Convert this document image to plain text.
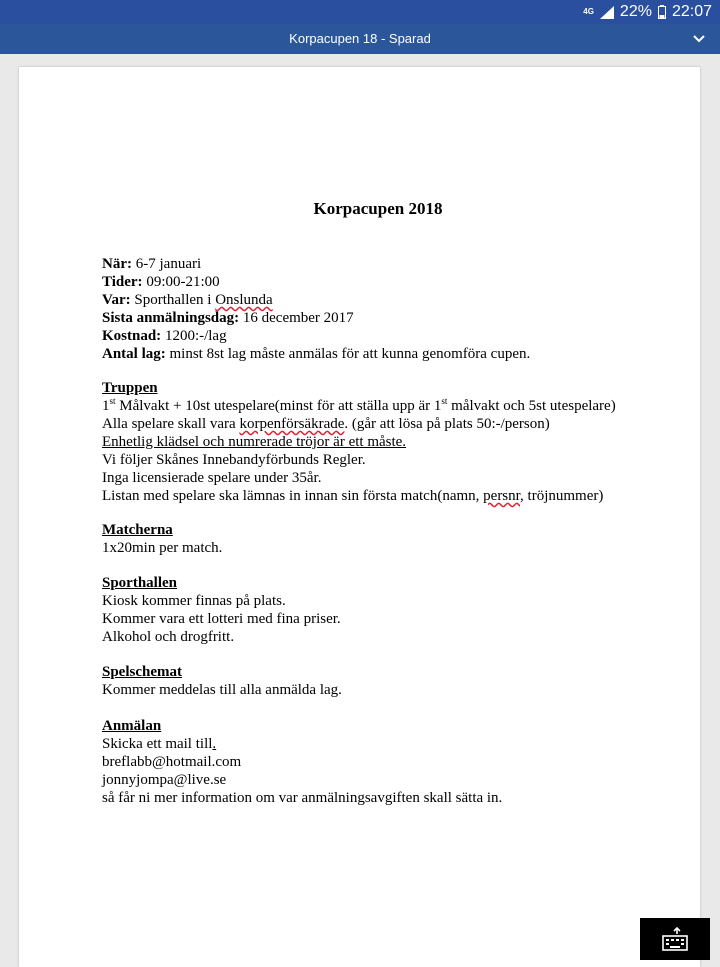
4G 22% 22:07
Korpacupen 18 - Sparad
Korpacupen 2018
När: 6-7 januari
Tider: 09:00-21:00
Var: Sporthallen i Onslunda
Sista anmälningsdag: 16 december 2017
Kostnad: 1200:-/lag
Antal lag: minst 8st lag måste anmälas för att kunna genomföra cupen.
Truppen
1st Målvakt + 10st utespelare(minst för att ställa upp är 1st målvakt och 5st utespelare)
Alla spelare skall vara korpenförsäkrade. (går att lösa på plats 50:-/person)
Enhetlig klädsel och numrerade tröjor är ett måste.
Vi följer Skånes Innebandyförbunds Regler.
Inga licensierade spelare under 35år.
Listan med spelare ska lämnas in innan sin första match(namn, persnr, tröjnummer)
Matcherna
1x20min per match.
Sporthallen
Kiosk kommer finnas på plats.
Kommer vara ett lotteri med fina priser.
Alkohol och drogfritt.
Spelschemat
Kommer meddelas till alla anmälda lag.
Anmälan
Skicka ett mail till.
breflabb@hotmail.com
jonnyjompa@live.se
så får ni mer information om var anmälningsavgiften skall sätta in.
